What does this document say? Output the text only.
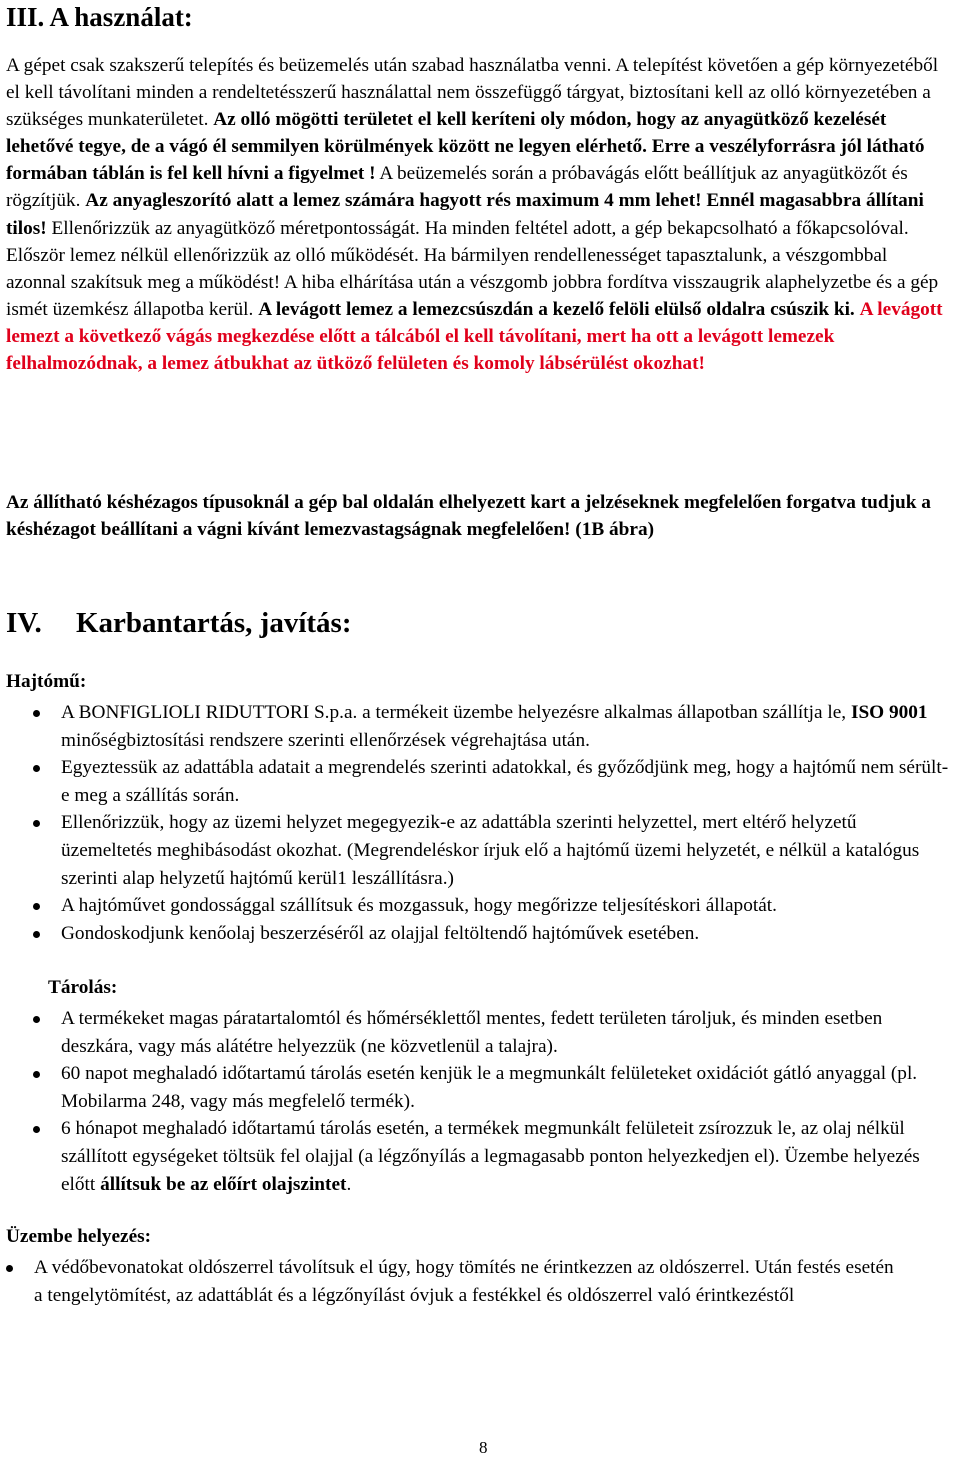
III. A használat:

A gépet csak szakszerű telepítés és beüzemelés után szabad használatba venni. A telepítést követően a gép környezetéből el kell távolítani minden a rendeltetésszerű használattal nem összefüggő tárgyat, biztosítani kell az olló környezetében a szükséges munkaterületet. Az olló mögötti területet el kell keríteni oly módon, hogy az anyagütköző kezelését lehetővé tegye, de a vágó él semmilyen körülmények között ne legyen elérhető. Erre a veszélyforrásra jól látható formában táblán is fel kell hívni a figyelmet ! A beüzemelés során a próbavágás előtt beállítjuk az anyagütközőt és rögzítjük. Az anyagleszorító alatt a lemez számára hagyott rés maximum 4 mm lehet! Ennél magasabbra állítani tilos! Ellenőrizzük az anyagütköző méretpontosságát. Ha minden feltétel adott, a gép bekapcsolható a főkapcsolóval. Először lemez nélkül ellenőrizzük az olló működését. Ha bármilyen rendellenességet tapasztalunk, a vészgombbal azonnal szakítsuk meg a működést! A hiba elhárítása után a vészgomb jobbra fordítva visszaugrik alaphelyzetbe és a gép ismét üzemkész állapotba kerül. A levágott lemez a lemezcsúszdán a kezelő felöli elülső oldalra csúszik ki. A levágott lemezt a következő vágás megkezdése előtt a tálcából el kell távolítani, mert ha ott a levágott lemezek felhalmozódnak, a lemez átbukhat az ütköző felületen és komoly lábsérülést okozhat!

Az állítható késhézagos típusoknál a gép bal oldalán elhelyezett kart a jelzéseknek megfelelően forgatva tudjuk a késhézagot beállítani a vágni kívánt lemezvastagságnak megfelelően! (1B ábra)

IV. Karbantartás, javítás:
Hajtómű:
A BONFIGLIOLI RIDUTTORI S.p.a. a termékeit üzembe helyezésre alkalmas állapotban szállítja le, ISO 9001 minőségbiztosítási rendszere szerinti ellenőrzések végrehajtása után.
Egyeztessük az adattábla adatait a megrendelés szerinti adatokkal, és győződjünk meg, hogy a hajtómű nem sérült-e meg a szállítás során.
Ellenőrizzük, hogy az üzemi helyzet megegyezik-e az adattábla szerinti helyzettel, mert eltérő helyzetű üzemeltetés meghibásodást okozhat. (Megrendeléskor írjuk elő a hajtómű üzemi helyzetét, e nélkül a katalógus szerinti alap helyzetű hajtómű kerül1 leszállításra.)
A hajtóművet gondossággal szállítsuk és mozgassuk, hogy megőrizze teljesítéskori állapotát.
Gondoskodjunk kenőolaj beszerzéséről az olajjal feltöltendő hajtóművek esetében.
Tárolás:
A termékeket magas páratartalomtól és hőmérséklettől mentes, fedett területen tároljuk, és minden esetben deszkára, vagy más alátétre helyezzük (ne közvetlenül a talajra).
60 napot meghaladó időtartamú tárolás esetén kenjük le a megmunkált felületeket oxidációt gátló anyaggal (pl. Mobilarma 248, vagy más megfelelő termék).
6 hónapot meghaladó időtartamú tárolás esetén, a termékek megmunkált felületeit zsírozzuk le, az olaj nélkül szállított egységeket töltsük fel olajjal (a légzőnyílás a legmagasabb ponton helyezkedjen el). Üzembe helyezés előtt állítsuk be az előírt olajszintet.
Üzembe helyezés:
A védőbevonatokat oldószerrel távolítsuk el úgy, hogy tömítés ne érintkezzen az oldószerrel. Után festés esetén a tengelytömítést, az adattáblát és a légzőnyílást óvjuk a festékkel és oldószerrel való érintkezéstől
8
